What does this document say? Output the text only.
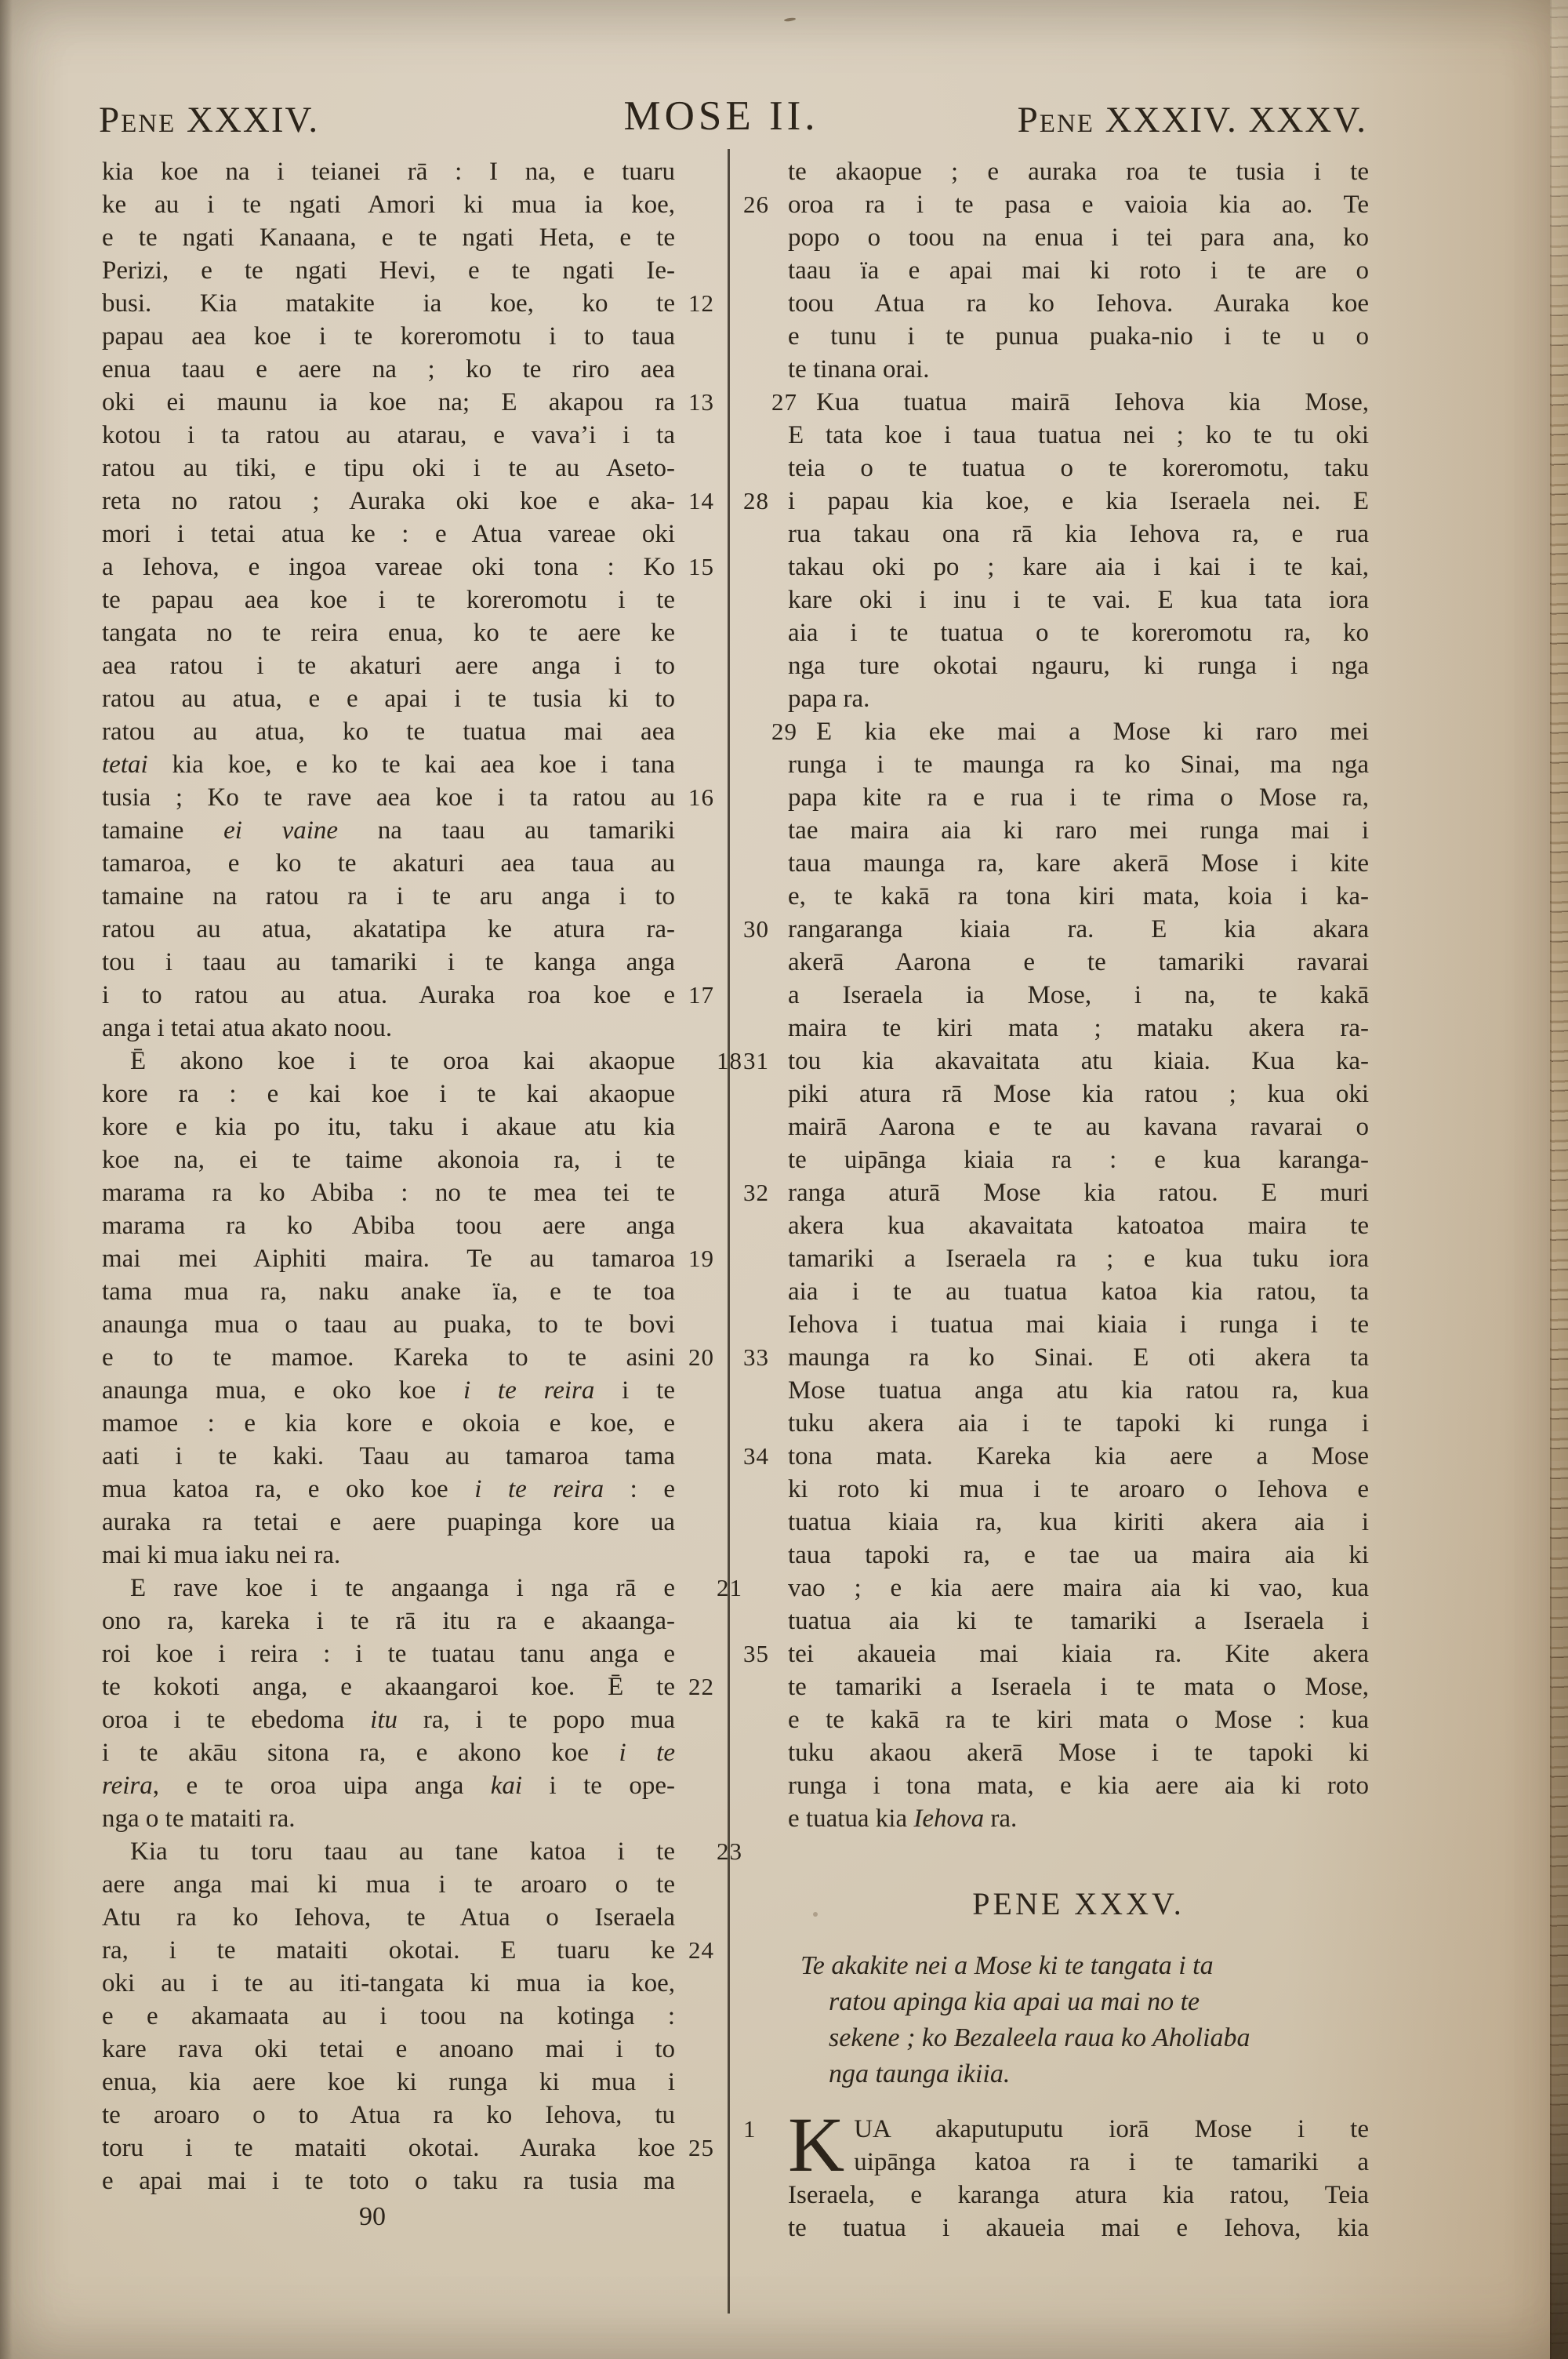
Pene XXXIV.	MOSE II.	Pene XXXIV. XXXV.
kia koe na i teianei rā : I na, e tuaru
ke au i te ngati Amori ki mua ia koe,
e te ngati Kanaana, e te ngati Heta, e te
Perizi, e te ngati Hevi, e te ngati Ie-
12
busi. Kia matakite ia koe, ko te
papau aea koe i te koreromotu i to taua
enua taau e aere na ; ko te riro aea
13
oki ei maunu ia koe na; E akapou ra
kotou i ta ratou au atarau, e vava’i i ta
ratou au tiki, e tipu oki i te au Aseto-
14
reta no ratou ; Auraka oki koe e aka-
mori i tetai atua ke : e Atua vareae oki
15
a Iehova, e ingoa vareae oki tona : Ko
te papau aea koe i te koreromotu i te
tangata no te reira enua, ko te aere ke
aea ratou i te akaturi aere anga i to
ratou au atua, e e apai i te tusia ki to
ratou au atua, ko te tuatua mai aea
tetai kia koe, e ko te kai aea koe i tana
16
tusia ; Ko te rave aea koe i ta ratou au
tamaine ei vaine na taau au tamariki
tamaroa, e ko te akaturi aea taua au
tamaine na ratou ra i te aru anga i to
ratou au atua, akatatipa ke atura ra-
tou i taau au tamariki i te kanga anga
17
i to ratou au atua. Auraka roa koe e
anga i tetai atua akato noou.
18
Ē akono koe i te oroa kai akaopue
kore ra : e kai koe i te kai akaopue
kore e kia po itu, taku i akaue atu kia
koe na, ei te taime akonoia ra, i te
marama ra ko Abiba : no te mea tei te
marama ra ko Abiba toou aere anga
19
mai mei Aiphiti maira. Te au tamaroa
tama mua ra, naku anake ïa, e te toa
anaunga mua o taau au puaka, to te bovi
20
e to te mamoe. Kareka to te asini
anaunga mua, e oko koe i te reira i te
mamoe : e kia kore e okoia e koe, e
aati i te kaki. Taau au tamaroa tama
mua katoa ra, e oko koe i te reira : e
auraka ra tetai e aere puapinga kore ua
mai ki mua iaku nei ra.
21
E rave koe i te angaanga i nga rā e
ono ra, kareka i te rā itu ra e akaanga-
roi koe i reira : i te tuatau tanu anga e
22
te kokoti anga, e akaangaroi koe. Ē te
oroa i te ebedoma itu ra, i te popo mua
i te akāu sitona ra, e akono koe i te
reira, e te oroa uipa anga kai i te ope-
nga o te mataiti ra.
23
Kia tu toru taau au tane katoa i te
aere anga mai ki mua i te aroaro o te
Atu ra ko Iehova, te Atua o Iseraela
24
ra, i te mataiti okotai. E tuaru ke
oki au i te au iti-tangata ki mua ia koe,
e e akamaata au i toou na kotinga :
kare rava oki tetai e anoano mai i to
enua, kia aere koe ki runga ki mua i
te aroaro o to Atua ra ko Iehova, tu
25
toru i te mataiti okotai. Auraka koe
e apai mai i te toto o taku ra tusia ma
te akaopue ; e auraka roa te tusia i te
26 oroa ra i te pasa e vaioia kia ao. Te
popo o toou na enua i tei para ana, ko
taau ïa e apai mai ki roto i te are o
toou Atua ra ko Iehova. Auraka koe
e tunu i te punua puaka-nio i te u o
te tinana orai.
27 Kua tuatua mairā Iehova kia Mose,
E tata koe i taua tuatua nei ; ko te tu oki
teia o te tuatua o te koreromotu, taku
28 i papau kia koe, e kia Iseraela nei. E
rua takau ona rā kia Iehova ra, e rua
takau oki po ; kare aia i kai i te kai,
kare oki i inu i te vai. E kua tata iora
aia i te tuatua o te koreromotu ra, ko
nga ture okotai ngauru, ki runga i nga
papa ra.
29 E kia eke mai a Mose ki raro mei
runga i te maunga ra ko Sinai, ma nga
papa kite ra e rua i te rima o Mose ra,
tae maira aia ki raro mei runga mai i
taua maunga ra, kare akerā Mose i kite
e, te kakā ra tona kiri mata, koia i ka-
30 rangaranga kiaia ra. E kia akara
akerā Aarona e te tamariki ravarai
a Iseraela ia Mose, i na, te kakā
maira te kiri mata ; mataku akera ra-
31 tou kia akavaitata atu kiaia. Kua ka-
piki atura rā Mose kia ratou ; kua oki
mairā Aarona e te au kavana ravarai o
te uipānga kiaia ra : e kua karanga-
32 ranga aturā Mose kia ratou. E muri
akera kua akavaitata katoatoa maira te
tamariki a Iseraela ra ; e kua tuku iora
aia i te au tuatua katoa kia ratou, ta
Iehova i tuatua mai kiaia i runga i te
33 maunga ra ko Sinai. E oti akera ta
Mose tuatua anga atu kia ratou ra, kua
tuku akera aia i te tapoki ki runga i
34 tona mata. Kareka kia aere a Mose
ki roto ki mua i te aroaro o Iehova e
tuatua kiaia ra, kua kiriti akera aia i
taua tapoki ra, e tae ua maira aia ki
vao ; e kia aere maira aia ki vao, kua
tuatua aia ki te tamariki a Iseraela i
35 tei akaueia mai kiaia ra. Kite akera
te tamariki a Iseraela i te mata o Mose,
e te kakā ra te kiri mata o Mose : kua
tuku akaou akerā Mose i te tapoki ki
runga i tona mata, e kia aere aia ki roto
e tuatua kia Iehova ra.
PENE XXXV.
Te akakite nei a Mose ki te tangata i ta
ratou apinga kia apai ua mai no te
sekene ; ko Bezaleela raua ko Aholiaba
nga taunga ikiia.
1 K UA akaputuputu iorā Mose i te
uipānga katoa ra i te tamariki a
Iseraela, e karanga atura kia ratou, Teia
te tuatua i akaueia mai e Iehova, kia
90
